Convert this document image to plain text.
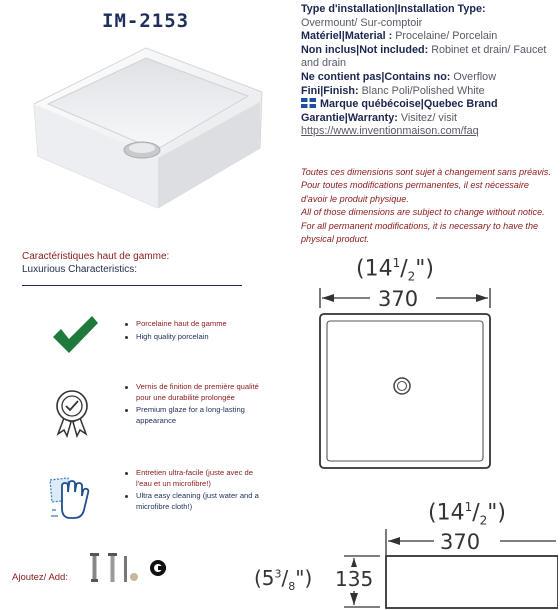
IM-2153
Type d'installation|Installation Type:
Overmount/ Sur-comptoir
Matériel|Material : Procelaine/ Porcelain
Non inclus|Not included: Robinet et drain/ Faucet and drain
Ne contient pas|Contains no: Overflow
Fini|Finish: Blanc Poli/Polished White
Marque québécoise|Quebec Brand
Garantie|Warranty: Visitez/ visit
https://www.inventionmaison.com/faq
Toutes ces dimensions sont sujet à changement sans préavis. Pour toutes modifications permanentes, il est nécessaire d'avoir le produit physique.
All of those dimensions are subject to change without notice. For all permanent modifications, it is necessary to have the physical product.
Caractéristiques haut de gamme:
Luxurious Characteristics:
Porcelaine haut de gamme
High quality porcelain
Vernis de finition de première qualité pour une durabilité prolongée
Premium glaze for a long-lasting appearance
Entretien ultra-facile (juste avec de l'eau et un microfibre!)
Ultra easy cleaning (just water and a microfibre cloth!)
Ajoutez/ Add:
$(14^1/_2")$
370
$(14^1/_2")$
370
$(5^3/_8")$ 135
